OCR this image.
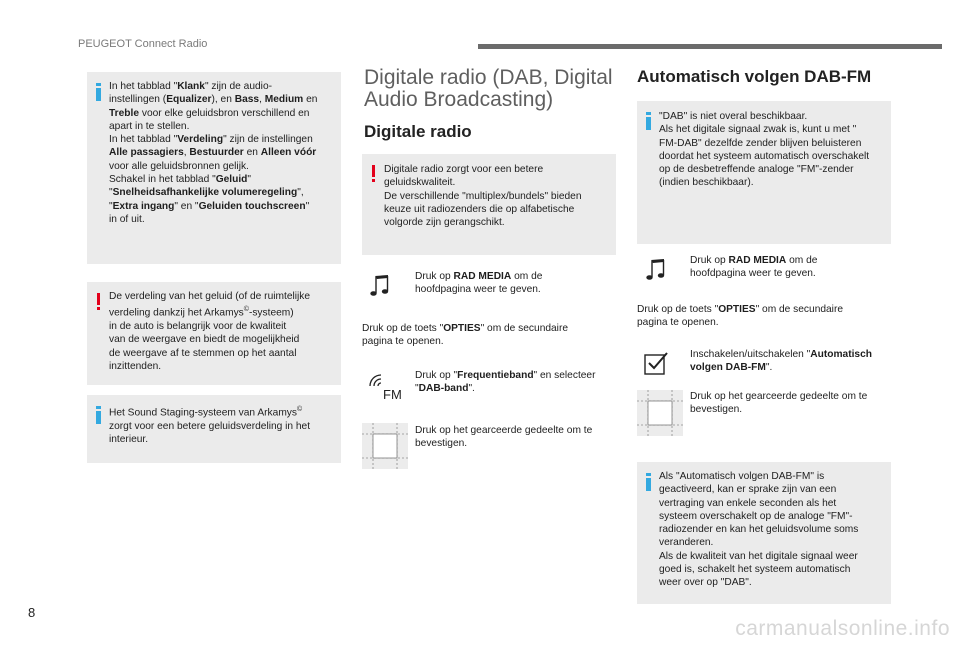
PEUGEOT Connect Radio

In het tabblad "Klank" zijn de audio-
instellingen (Equalizer), en Bass, Medium en
Treble voor elke geluidsbron verschillend en
apart in te stellen.
In het tabblad "Verdeling" zijn de instellingen
Alle passagiers, Bestuurder en Alleen vóór
voor alle geluidsbronnen gelijk.
Schakel in het tabblad "Geluid"
"Snelheidsafhankelijke volumeregeling",
"Extra ingang" en "Geluiden touchscreen"
in of uit.

De verdeling van het geluid (of de ruimtelijke
verdeling dankzij het Arkamys©-systeem)
in de auto is belangrijk voor de kwaliteit
van de weergave en biedt de mogelijkheid
de weergave af te stemmen op het aantal
inzittenden.

Het Sound Staging-systeem van Arkamys©
zorgt voor een betere geluidsverdeling in het
interieur.

Digitale radio (DAB, Digital
Audio Broadcasting)
Digitale radio

Digitale radio zorgt voor een betere
geluidskwaliteit.
De verschillende "multiplex/bundels" bieden
keuze uit radiozenders die op alfabetische
volgorde zijn gerangschikt.

Druk op RAD MEDIA om de
hoofdpagina weer te geven.

Druk op de toets "OPTIES" om de secundaire
pagina te openen.

FM

Druk op "Frequentieband" en selecteer
"DAB-band".

Druk op het gearceerde gedeelte om te
bevestigen.

Automatisch volgen DAB-FM

"DAB" is niet overal beschikbaar.
Als het digitale signaal zwak is, kunt u met "
FM-DAB" dezelfde zender blijven beluisteren
doordat het systeem automatisch overschakelt
op de desbetreffende analoge "FM"-zender
(indien beschikbaar).

Druk op RAD MEDIA om de
hoofdpagina weer te geven.

Druk op de toets "OPTIES" om de secundaire
pagina te openen.

Inschakelen/uitschakelen "Automatisch
volgen DAB-FM".

Druk op het gearceerde gedeelte om te
bevestigen.

Als "Automatisch volgen DAB-FM" is
geactiveerd, kan er sprake zijn van een
vertraging van enkele seconden als het
systeem overschakelt op de analoge "FM"-
radiozender en kan het geluidsvolume soms
veranderen.
Als de kwaliteit van het digitale signaal weer
goed is, schakelt het systeem automatisch
weer over op "DAB".

8
carmanualsonline.info
